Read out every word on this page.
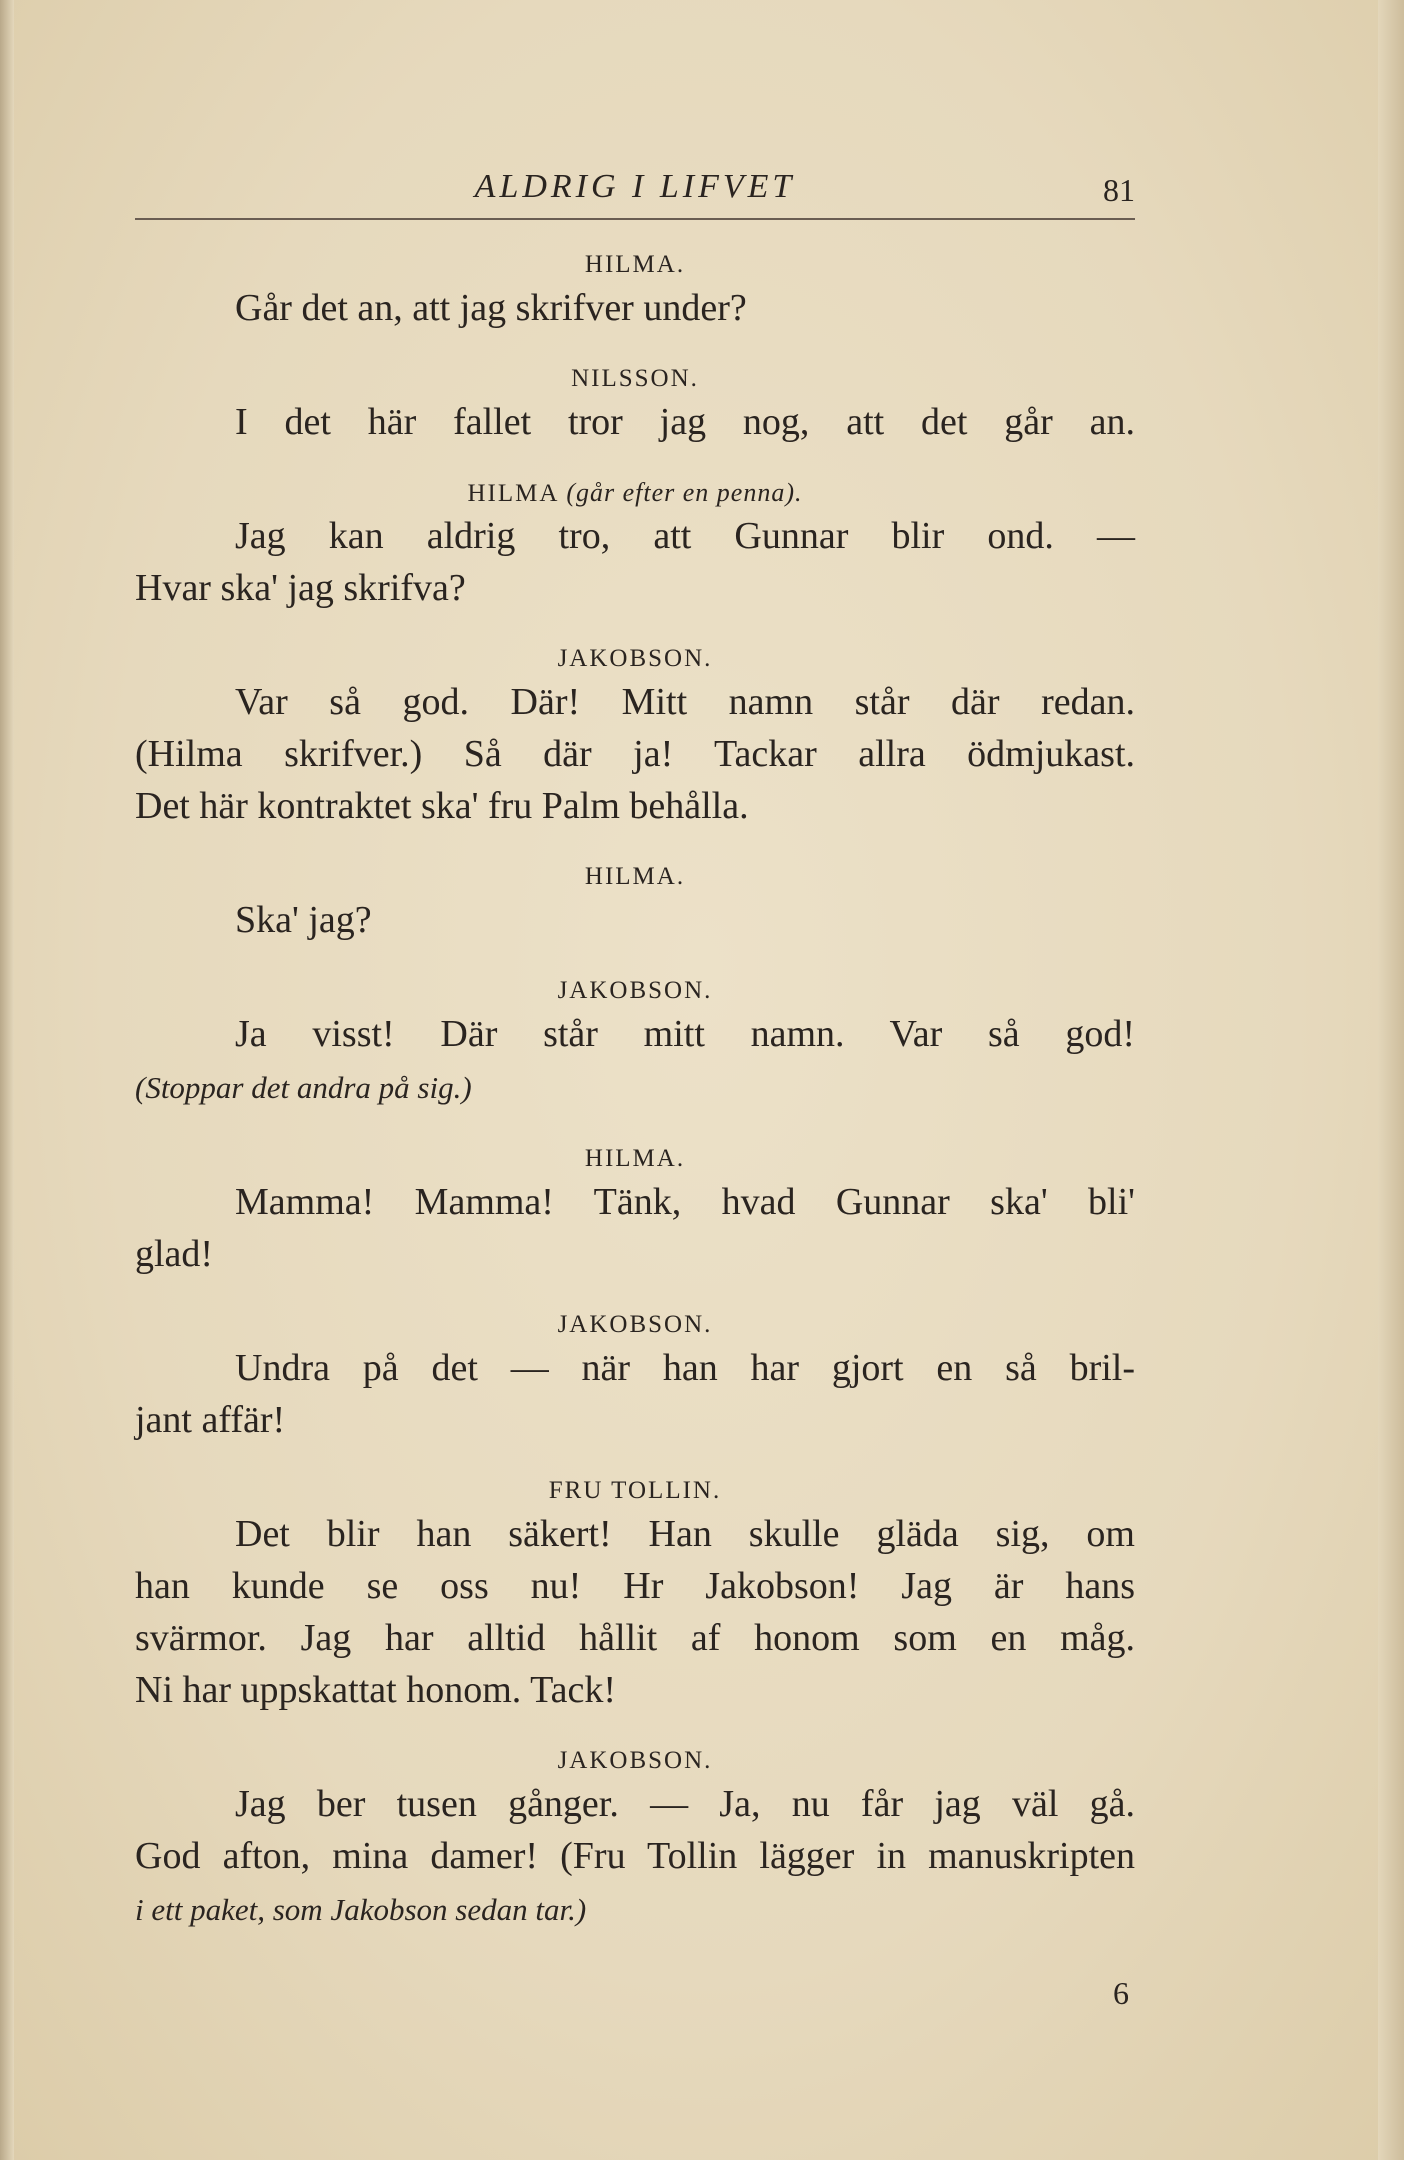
ALDRIG I LIFVET	81
HILMA.
Går det an, att jag skrifver under?
NILSSON.
I det här fallet tror jag nog, att det går an.
HILMA (går efter en penna).
Jag kan aldrig tro, att Gunnar blir ond. —
Hvar ska' jag skrifva?
JAKOBSON.
Var så god. Där! Mitt namn står där redan.
(Hilma skrifver.) Så där ja! Tackar allra ödmjukast.
Det här kontraktet ska' fru Palm behålla.
HILMA.
Ska' jag?
JAKOBSON.
Ja visst! Där står mitt namn. Var så god!
(Stoppar det andra på sig.)
HILMA.
Mamma! Mamma! Tänk, hvad Gunnar ska' bli'
glad!
JAKOBSON.
Undra på det — när han har gjort en så bril-
jant affär!
FRU TOLLIN.
Det blir han säkert! Han skulle gläda sig, om
han kunde se oss nu! Hr Jakobson! Jag är hans
svärmor. Jag har alltid hållit af honom som en måg.
Ni har uppskattat honom. Tack!
JAKOBSON.
Jag ber tusen gånger. — Ja, nu får jag väl gå.
God afton, mina damer! (Fru Tollin lägger in manuskripten
i ett paket, som Jakobson sedan tar.)
6
